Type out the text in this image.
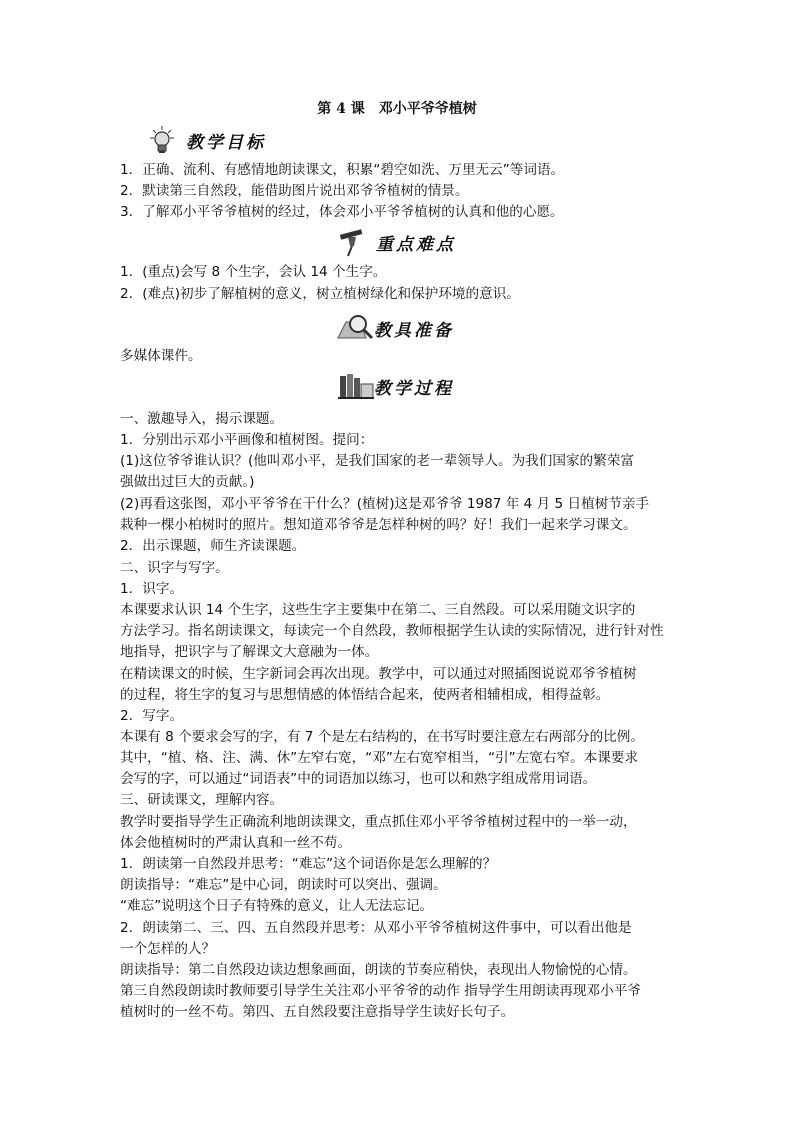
第 4 课　邓小平爷爷植树
教学目标
1．正确、流利、有感情地朗读课文，积累“碧空如洗、万里无云”等词语。
2．默读第三自然段，能借助图片说出邓爷爷植树的情景。
3．了解邓小平爷爷植树的经过，体会邓小平爷爷植树的认真和他的心愿。
重点难点
1．(重点)会写 8 个生字，会认 14 个生字。
2．(难点)初步了解植树的意义，树立植树绿化和保护环境的意识。
教具准备
多媒体课件。
教学过程
一、激趣导入，揭示课题。
1．分别出示邓小平画像和植树图。提问：
(1)这位爷爷谁认识？(他叫邓小平，是我们国家的老一辈领导人。为我们国家的繁荣富
强做出过巨大的贡献。)
(2)再看这张图，邓小平爷爷在干什么？(植树)这是邓爷爷 1987 年 4 月 5 日植树节亲手
栽种一棵小柏树时的照片。想知道邓爷爷是怎样种树的吗？好！我们一起来学习课文。
2．出示课题，师生齐读课题。
二、识字与写字。
1．识字。
本课要求认识 14 个生字，这些生字主要集中在第二、三自然段。可以采用随文识字的
方法学习。指名朗读课文，每读完一个自然段，教师根据学生认读的实际情况，进行针对性
地指导，把识字与了解课文大意融为一体。
在精读课文的时候，生字新词会再次出现。教学中，可以通过对照插图说说邓爷爷植树
的过程，将生字的复习与思想情感的体悟结合起来，使两者相辅相成，相得益彰。
2．写字。
本课有 8 个要求会写的字，有 7 个是左右结构的，在书写时要注意左右两部分的比例。
其中，“植、格、注、满、休”左窄右宽，“邓”左右宽窄相当，“引”左宽右窄。本课要求
会写的字，可以通过“词语表”中的词语加以练习，也可以和熟字组成常用词语。
三、研读课文，理解内容。
教学时要指导学生正确流利地朗读课文，重点抓住邓小平爷爷植树过程中的一举一动，
体会他植树时的严肃认真和一丝不苟。
1．朗读第一自然段并思考：“难忘”这个词语你是怎么理解的？
朗读指导：“难忘”是中心词，朗读时可以突出、强调。
“难忘”说明这个日子有特殊的意义，让人无法忘记。
2．朗读第二、三、四、五自然段并思考：从邓小平爷爷植树这件事中，可以看出他是
一个怎样的人？
朗读指导：第二自然段边读边想象画面，朗读的节奏应稍快，表现出人物愉悦的心情。
第三自然段朗读时教师要引导学生关注邓小平爷爷的动作 指导学生用朗读再现邓小平爷
植树时的一丝不苟。第四、五自然段要注意指导学生读好长句子。
